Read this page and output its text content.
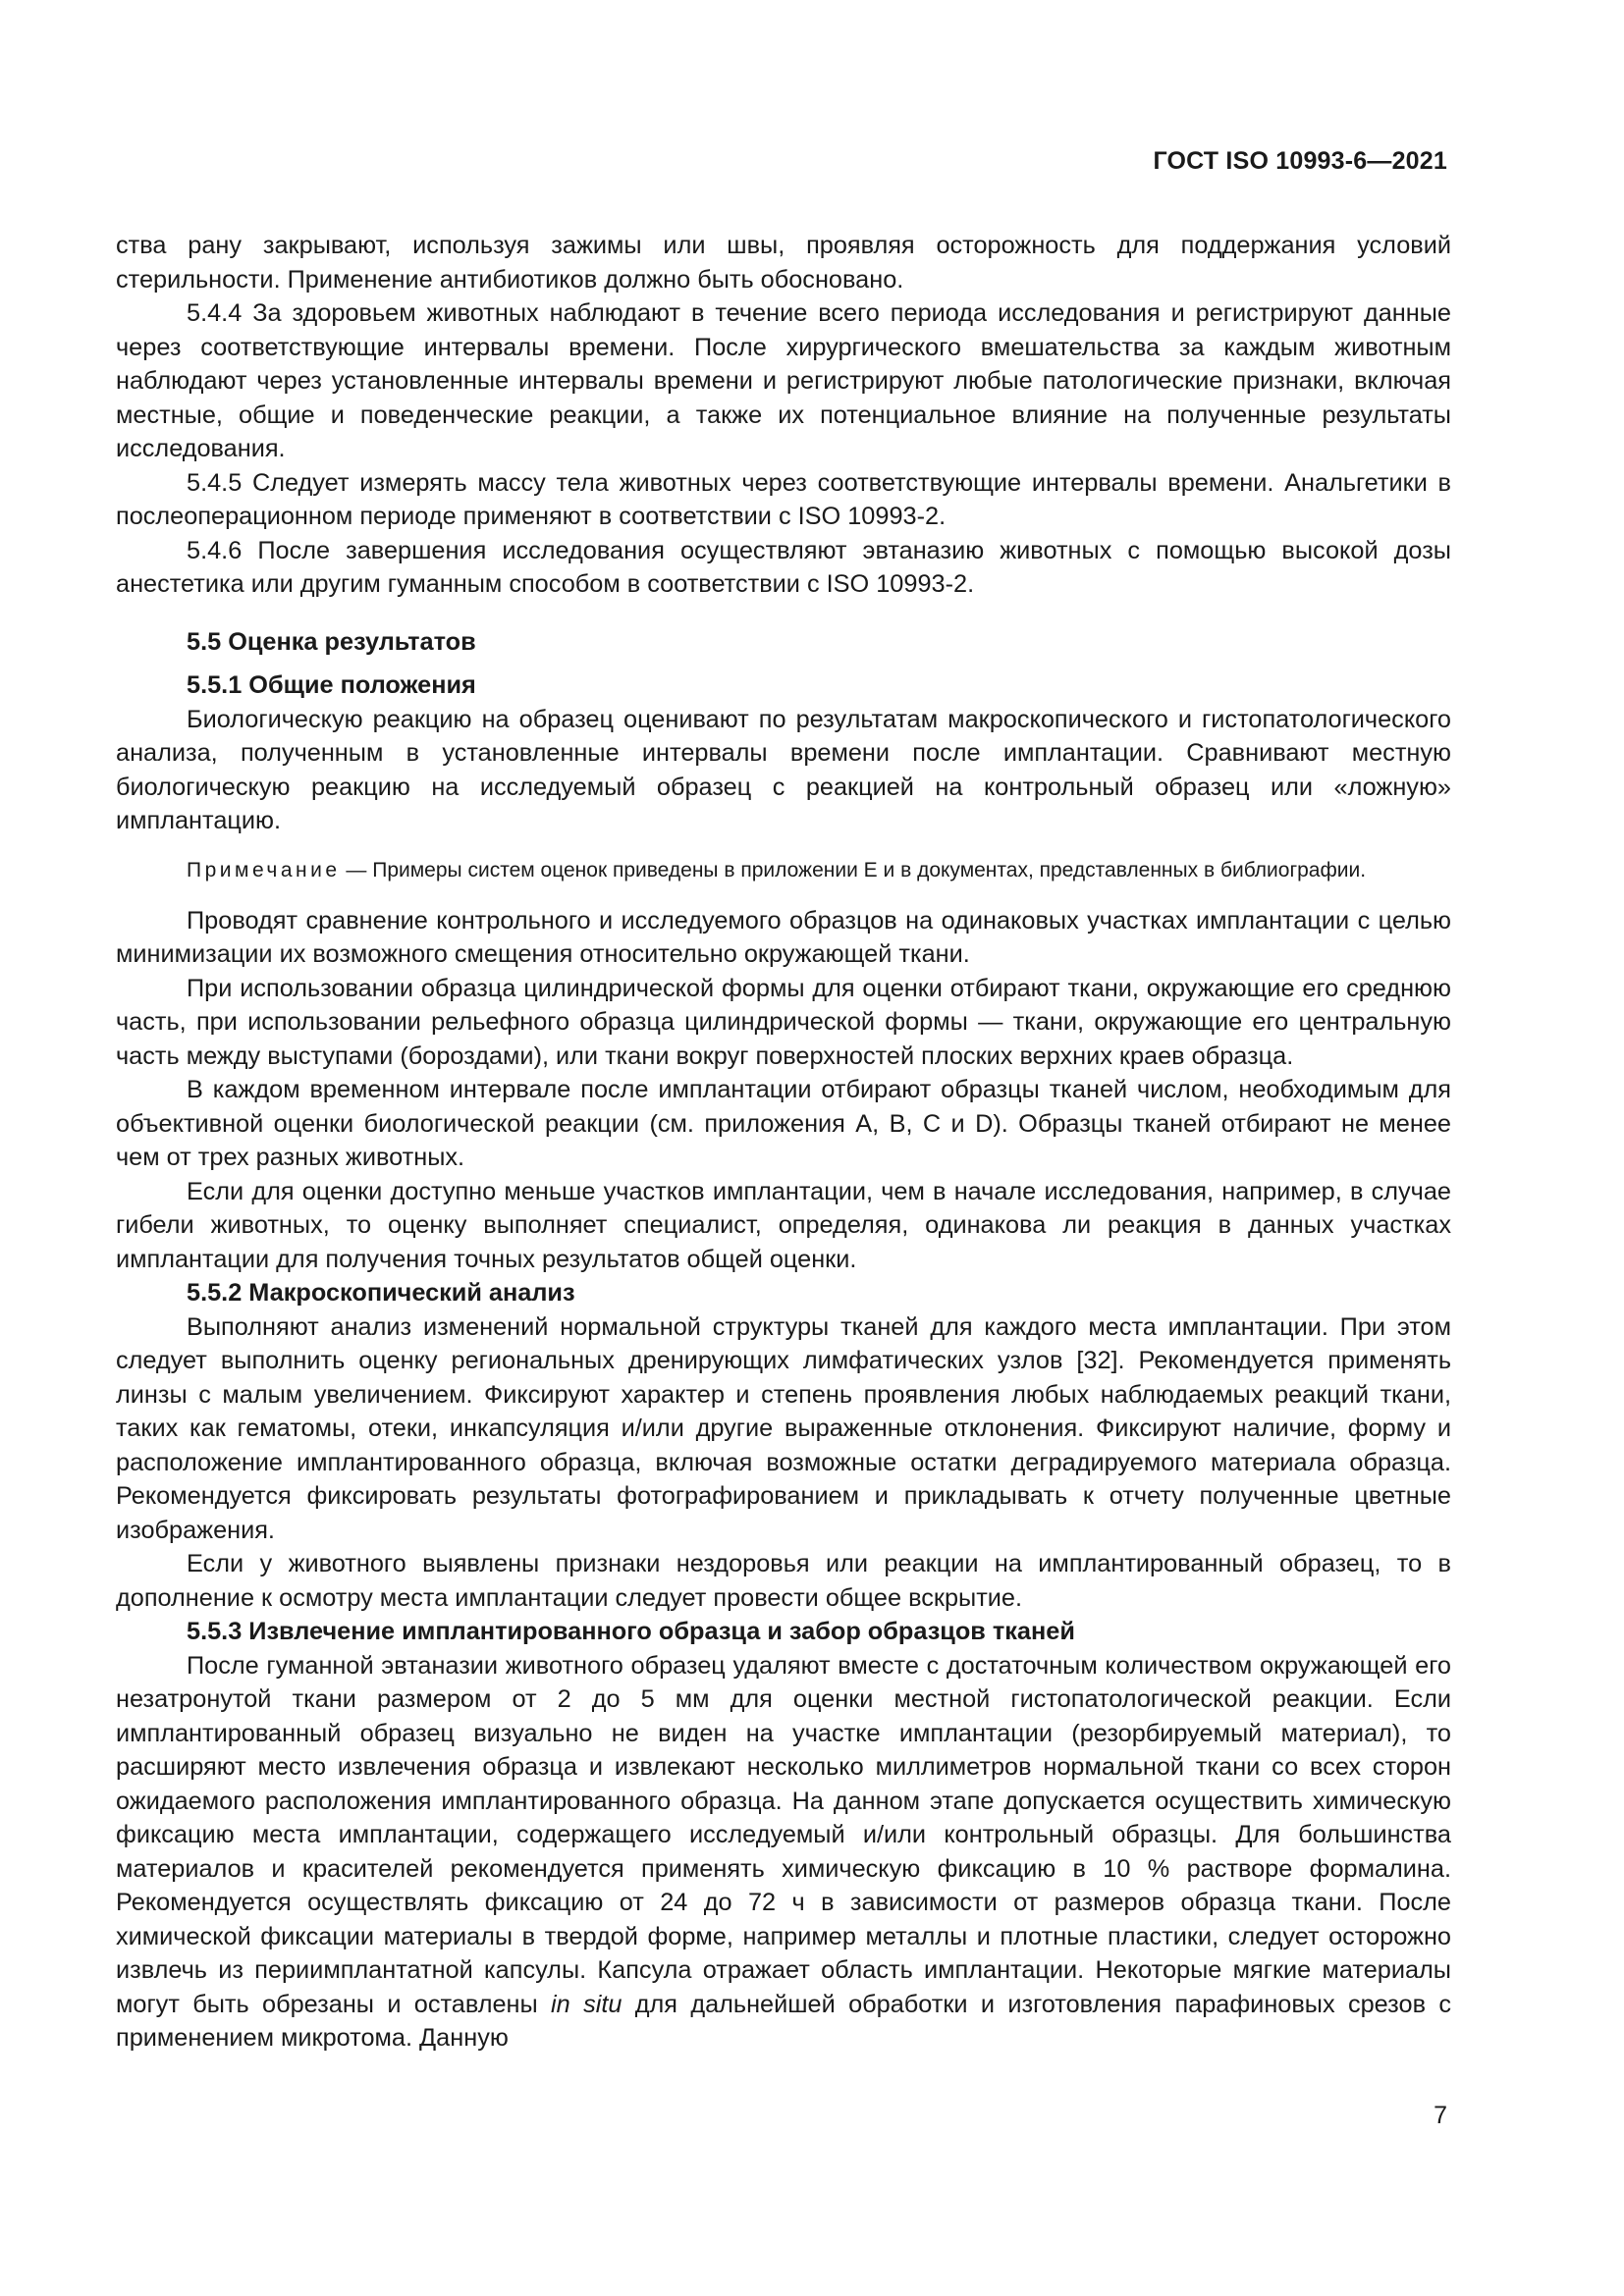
ГОСТ ISO 10993-6—2021

ства рану закрывают, используя зажимы или швы, проявляя осторожность для поддержания условий стерильности. Применение антибиотиков должно быть обосновано.

5.4.4 За здоровьем животных наблюдают в течение всего периода исследования и регистрируют данные через соответствующие интервалы времени. После хирургического вмешательства за каждым животным наблюдают через установленные интервалы времени и регистрируют любые патологические признаки, включая местные, общие и поведенческие реакции, а также их потенциальное влияние на полученные результаты исследования.

5.4.5 Следует измерять массу тела животных через соответствующие интервалы времени. Анальгетики в послеоперационном периоде применяют в соответствии с ISO 10993-2.

5.4.6 После завершения исследования осуществляют эвтаназию животных с помощью высокой дозы анестетика или другим гуманным способом в соответствии с ISO 10993-2.

5.5 Оценка результатов

5.5.1 Общие положения

Биологическую реакцию на образец оценивают по результатам макроскопического и гистопатологического анализа, полученным в установленные интервалы времени после имплантации. Сравнивают местную биологическую реакцию на исследуемый образец с реакцией на контрольный образец или «ложную» имплантацию.

Примечание — Примеры систем оценок приведены в приложении E и в документах, представленных в библиографии.

Проводят сравнение контрольного и исследуемого образцов на одинаковых участках имплантации с целью минимизации их возможного смещения относительно окружающей ткани.

При использовании образца цилиндрической формы для оценки отбирают ткани, окружающие его среднюю часть, при использовании рельефного образца цилиндрической формы — ткани, окружающие его центральную часть между выступами (бороздами), или ткани вокруг поверхностей плоских верхних краев образца.

В каждом временном интервале после имплантации отбирают образцы тканей числом, необходимым для объективной оценки биологической реакции (см. приложения A, B, C и D). Образцы тканей отбирают не менее чем от трех разных животных.

Если для оценки доступно меньше участков имплантации, чем в начале исследования, например, в случае гибели животных, то оценку выполняет специалист, определяя, одинакова ли реакция в данных участках имплантации для получения точных результатов общей оценки.

5.5.2 Макроскопический анализ

Выполняют анализ изменений нормальной структуры тканей для каждого места имплантации. При этом следует выполнить оценку региональных дренирующих лимфатических узлов [32]. Рекомендуется применять линзы с малым увеличением. Фиксируют характер и степень проявления любых наблюдаемых реакций ткани, таких как гематомы, отеки, инкапсуляция и/или другие выраженные отклонения. Фиксируют наличие, форму и расположение имплантированного образца, включая возможные остатки деградируемого материала образца. Рекомендуется фиксировать результаты фотографированием и прикладывать к отчету полученные цветные изображения.

Если у животного выявлены признаки нездоровья или реакции на имплантированный образец, то в дополнение к осмотру места имплантации следует провести общее вскрытие.

5.5.3 Извлечение имплантированного образца и забор образцов тканей

После гуманной эвтаназии животного образец удаляют вместе с достаточным количеством окружающей его незатронутой ткани размером от 2 до 5 мм для оценки местной гистопатологической реакции. Если имплантированный образец визуально не виден на участке имплантации (резорбируемый материал), то расширяют место извлечения образца и извлекают несколько миллиметров нормальной ткани со всех сторон ожидаемого расположения имплантированного образца. На данном этапе допускается осуществить химическую фиксацию места имплантации, содержащего исследуемый и/или контрольный образцы. Для большинства материалов и красителей рекомендуется применять химическую фиксацию в 10 % растворе формалина. Рекомендуется осуществлять фиксацию от 24 до 72 ч в зависимости от размеров образца ткани. После химической фиксации материалы в твердой форме, например металлы и плотные пластики, следует осторожно извлечь из периимплантатной капсулы. Капсула отражает область имплантации. Некоторые мягкие материалы могут быть обрезаны и оставлены in situ для дальнейшей обработки и изготовления парафиновых срезов с применением микротома. Данную

7
